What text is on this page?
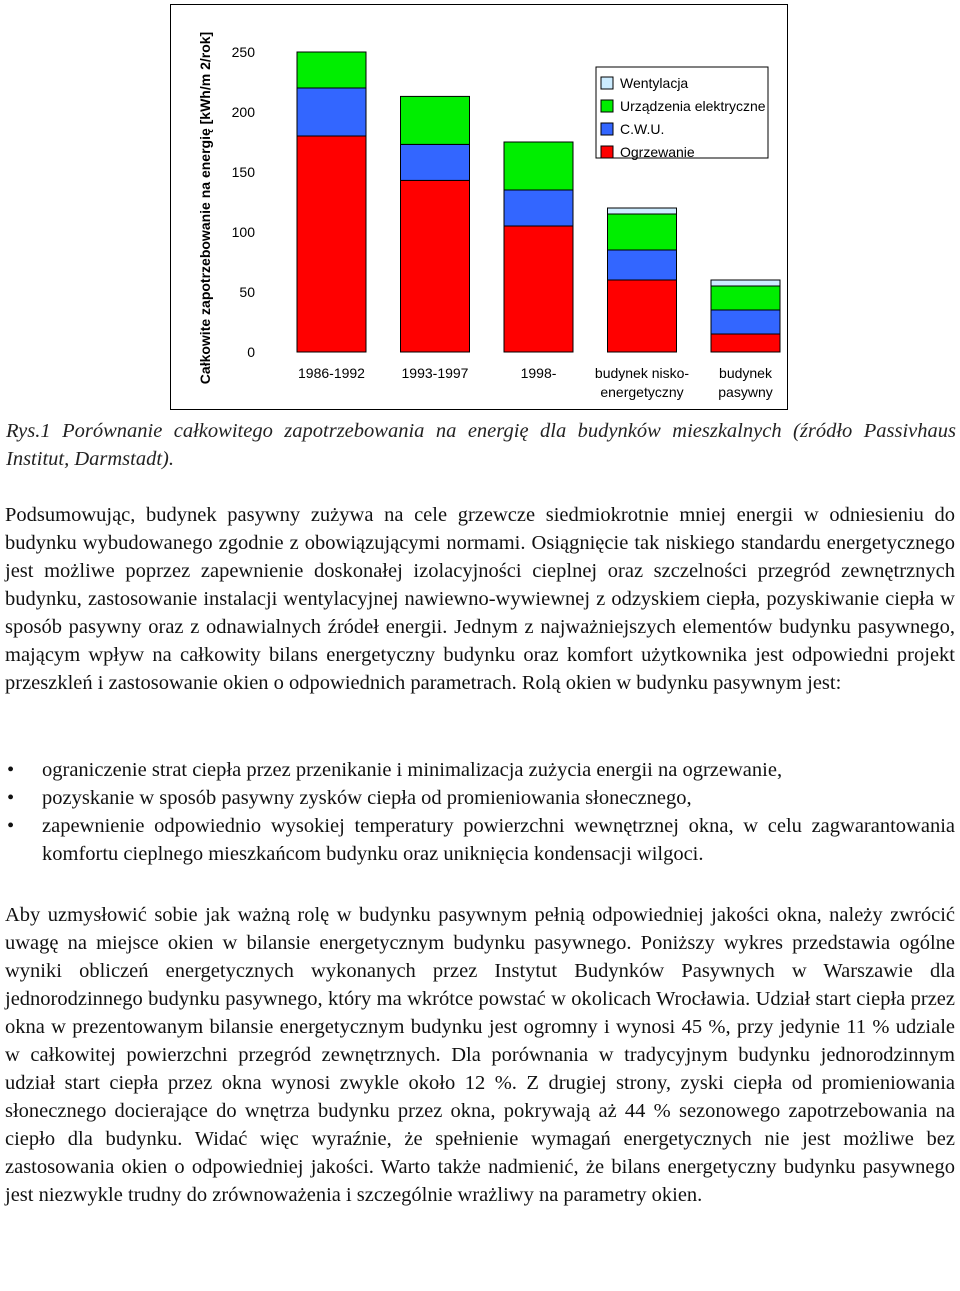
Całkowite zapotrzebowanie na energię [kWh/m 2/rok] 250
200
150
100
50
0
1986-1992	1993-1997	1998-	budynek nisko-
energetyczny
budynek
pasywny
Wentylacja
Urządzenia elektryczne
C.W.U.
Ogrzewanie
Rys.1 Porównanie całkowitego zapotrzebowania na energię dla budynków mieszkalnych (źródło Passivhaus Institut, Darmstadt).

Podsumowując, budynek pasywny zużywa na cele grzewcze siedmiokrotnie mniej energii w odniesieniu do budynku wybudowanego zgodnie z obowiązującymi normami. Osiągnięcie tak niskiego standardu energetycznego jest możliwe poprzez zapewnienie doskonałej izolacyjności cieplnej oraz szczelności przegród zewnętrznych budynku, zastosowanie instalacji wentylacyjnej nawiewno-wywiewnej z odzyskiem ciepła, pozyskiwanie ciepła w sposób pasywny oraz z odnawialnych źródeł energii. Jednym z najważniejszych elementów budynku pasywnego, mającym wpływ na całkowity bilans energetyczny budynku oraz komfort użytkownika jest odpowiedni projekt przeszkleń i zastosowanie okien o odpowiednich parametrach. Rolą okien w budynku pasywnym jest:

• ograniczenie strat ciepła przez przenikanie i minimalizacja zużycia energii na ogrzewanie,
• pozyskanie w sposób pasywny zysków ciepła od promieniowania słonecznego,
• zapewnienie odpowiednio wysokiej temperatury powierzchni wewnętrznej okna, w celu zagwarantowania komfortu cieplnego mieszkańcom budynku oraz uniknięcia kondensacji wilgoci.

Aby uzmysłowić sobie jak ważną rolę w budynku pasywnym pełnią odpowiedniej jakości okna, należy zwrócić uwagę na miejsce okien w bilansie energetycznym budynku pasywnego. Poniższy wykres przedstawia ogólne wyniki obliczeń energetycznych wykonanych przez Instytut Budynków Pasywnych w Warszawie dla jednorodzinnego budynku pasywnego, który ma wkrótce powstać w okolicach Wrocławia. Udział start ciepła przez okna w prezentowanym bilansie energetycznym budynku jest ogromny i wynosi 45 %, przy jedynie 11 % udziale w całkowitej powierzchni przegród zewnętrznych. Dla porównania w tradycyjnym budynku jednorodzinnym udział start ciepła przez okna wynosi zwykle około 12 %. Z drugiej strony, zyski ciepła od promieniowania słonecznego docierające do wnętrza budynku przez okna, pokrywają aż 44 % sezonowego zapotrzebowania na ciepło dla budynku. Widać więc wyraźnie, że spełnienie wymagań energetycznych nie jest możliwe bez zastosowania okien o odpowiedniej jakości. Warto także nadmienić, że bilans energetyczny budynku pasywnego jest niezwykle trudny do zrównoważenia i szczególnie wrażliwy na parametry okien.
